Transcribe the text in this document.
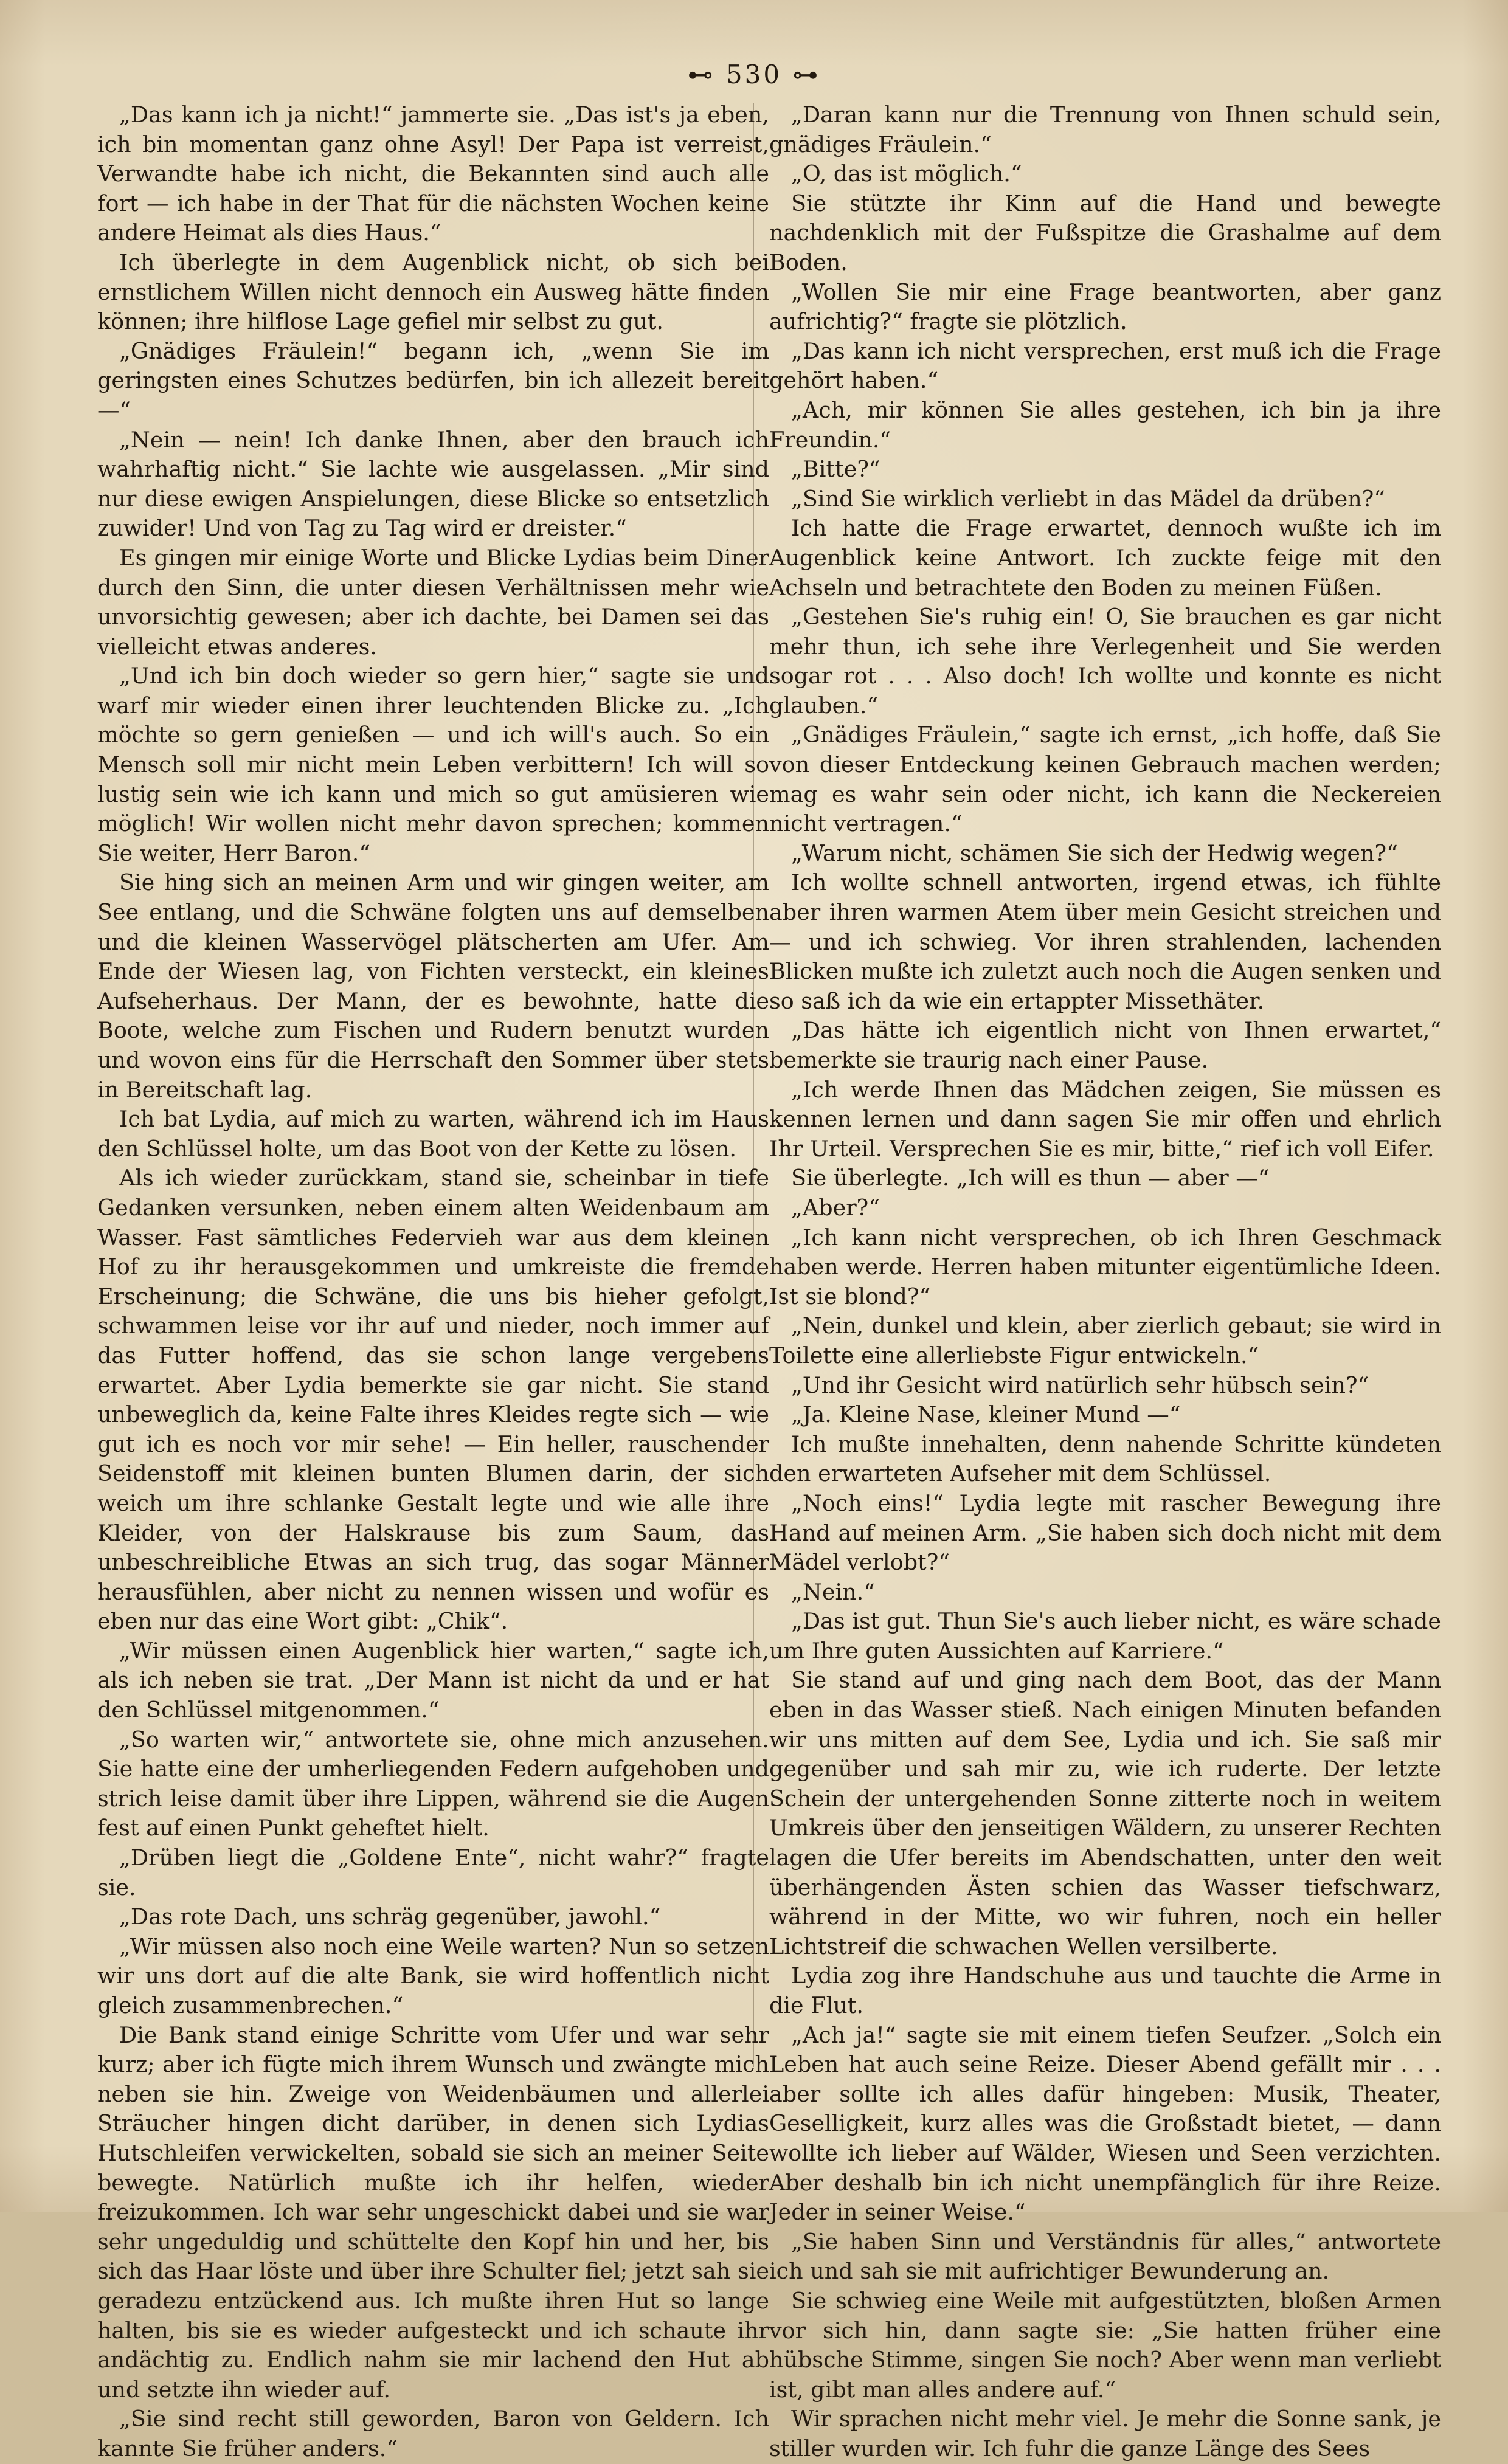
⊷ 530 ⊶

„Das kann ich ja nicht!“ jammerte sie. „Das ist's ja eben, ich bin momentan ganz ohne Asyl! Der Papa ist verreist, Verwandte habe ich nicht, die Bekannten sind auch alle fort — ich habe in der That für die nächsten Wochen keine andere Heimat als dies Haus.“

Ich überlegte in dem Augenblick nicht, ob sich bei ernstlichem Willen nicht dennoch ein Ausweg hätte finden können; ihre hilflose Lage gefiel mir selbst zu gut.

„Gnädiges Fräulein!“ begann ich, „wenn Sie im geringsten eines Schutzes bedürfen, bin ich allezeit bereit —“

„Nein — nein! Ich danke Ihnen, aber den brauch ich wahrhaftig nicht.“ Sie lachte wie ausgelassen. „Mir sind nur diese ewigen Anspielungen, diese Blicke so entsetzlich zuwider! Und von Tag zu Tag wird er dreister.“

Es gingen mir einige Worte und Blicke Lydias beim Diner durch den Sinn, die unter diesen Verhältnissen mehr wie unvorsichtig gewesen; aber ich dachte, bei Damen sei das vielleicht etwas anderes.

„Und ich bin doch wieder so gern hier,“ sagte sie und warf mir wieder einen ihrer leuchtenden Blicke zu. „Ich möchte so gern genießen — und ich will's auch. So ein Mensch soll mir nicht mein Leben verbittern! Ich will so lustig sein wie ich kann und mich so gut amüsieren wie möglich! Wir wollen nicht mehr davon sprechen; kommen Sie weiter, Herr Baron.“

Sie hing sich an meinen Arm und wir gingen weiter, am See entlang, und die Schwäne folgten uns auf demselben und die kleinen Wasservögel plätscherten am Ufer. Am Ende der Wiesen lag, von Fichten versteckt, ein kleines Aufseherhaus. Der Mann, der es bewohnte, hatte die Boote, welche zum Fischen und Rudern benutzt wurden und wovon eins für die Herrschaft den Sommer über stets in Bereitschaft lag.

Ich bat Lydia, auf mich zu warten, während ich im Haus den Schlüssel holte, um das Boot von der Kette zu lösen.

Als ich wieder zurückkam, stand sie, scheinbar in tiefe Gedanken versunken, neben einem alten Weidenbaum am Wasser. Fast sämtliches Federvieh war aus dem kleinen Hof zu ihr herausgekommen und umkreiste die fremde Erscheinung; die Schwäne, die uns bis hieher gefolgt, schwammen leise vor ihr auf und nieder, noch immer auf das Futter hoffend, das sie schon lange vergebens erwartet. Aber Lydia bemerkte sie gar nicht. Sie stand unbeweglich da, keine Falte ihres Kleides regte sich — wie gut ich es noch vor mir sehe! — Ein heller, rauschender Seidenstoff mit kleinen bunten Blumen darin, der sich weich um ihre schlanke Gestalt legte und wie alle ihre Kleider, von der Halskrause bis zum Saum, das unbeschreibliche Etwas an sich trug, das sogar Männer herausfühlen, aber nicht zu nennen wissen und wofür es eben nur das eine Wort gibt: „Chik“.

„Wir müssen einen Augenblick hier warten,“ sagte ich, als ich neben sie trat. „Der Mann ist nicht da und er hat den Schlüssel mitgenommen.“

„So warten wir,“ antwortete sie, ohne mich anzusehen. Sie hatte eine der umherliegenden Federn aufgehoben und strich leise damit über ihre Lippen, während sie die Augen fest auf einen Punkt geheftet hielt.

„Drüben liegt die „Goldene Ente“, nicht wahr?“ fragte sie.

„Das rote Dach, uns schräg gegenüber, jawohl.“

„Wir müssen also noch eine Weile warten? Nun so setzen wir uns dort auf die alte Bank, sie wird hoffentlich nicht gleich zusammenbrechen.“

Die Bank stand einige Schritte vom Ufer und war sehr kurz; aber ich fügte mich ihrem Wunsch und zwängte mich neben sie hin. Zweige von Weidenbäumen und allerlei Sträucher hingen dicht darüber, in denen sich Lydias Hutschleifen verwickelten, sobald sie sich an meiner Seite bewegte. Natürlich mußte ich ihr helfen, wieder freizukommen. Ich war sehr ungeschickt dabei und sie war sehr ungeduldig und schüttelte den Kopf hin und her, bis sich das Haar löste und über ihre Schulter fiel; jetzt sah sie geradezu entzückend aus. Ich mußte ihren Hut so lange halten, bis sie es wieder aufgesteckt und ich schaute ihr andächtig zu. Endlich nahm sie mir lachend den Hut ab und setzte ihn wieder auf.

„Sie sind recht still geworden, Baron von Geldern. Ich kannte Sie früher anders.“

„Daran kann nur die Trennung von Ihnen schuld sein, gnädiges Fräulein.“

„O, das ist möglich.“

Sie stützte ihr Kinn auf die Hand und bewegte nachdenklich mit der Fußspitze die Grashalme auf dem Boden.

„Wollen Sie mir eine Frage beantworten, aber ganz aufrichtig?“ fragte sie plötzlich.

„Das kann ich nicht versprechen, erst muß ich die Frage gehört haben.“

„Ach, mir können Sie alles gestehen, ich bin ja ihre Freundin.“

„Bitte?“

„Sind Sie wirklich verliebt in das Mädel da drüben?“

Ich hatte die Frage erwartet, dennoch wußte ich im Augenblick keine Antwort. Ich zuckte feige mit den Achseln und betrachtete den Boden zu meinen Füßen.

„Gestehen Sie's ruhig ein! O, Sie brauchen es gar nicht mehr thun, ich sehe ihre Verlegenheit und Sie werden sogar rot . . . Also doch! Ich wollte und konnte es nicht glauben.“

„Gnädiges Fräulein,“ sagte ich ernst, „ich hoffe, daß Sie von dieser Entdeckung keinen Gebrauch machen werden; mag es wahr sein oder nicht, ich kann die Neckereien nicht vertragen.“

„Warum nicht, schämen Sie sich der Hedwig wegen?“

Ich wollte schnell antworten, irgend etwas, ich fühlte aber ihren warmen Atem über mein Gesicht streichen und — und ich schwieg. Vor ihren strahlenden, lachenden Blicken mußte ich zuletzt auch noch die Augen senken und so saß ich da wie ein ertappter Missethäter.

„Das hätte ich eigentlich nicht von Ihnen erwartet,“ bemerkte sie traurig nach einer Pause.

„Ich werde Ihnen das Mädchen zeigen, Sie müssen es kennen lernen und dann sagen Sie mir offen und ehrlich Ihr Urteil. Versprechen Sie es mir, bitte,“ rief ich voll Eifer.

Sie überlegte. „Ich will es thun — aber —“

„Aber?“

„Ich kann nicht versprechen, ob ich Ihren Geschmack haben werde. Herren haben mitunter eigentümliche Ideen. Ist sie blond?“

„Nein, dunkel und klein, aber zierlich gebaut; sie wird in Toilette eine allerliebste Figur entwickeln.“

„Und ihr Gesicht wird natürlich sehr hübsch sein?“

„Ja. Kleine Nase, kleiner Mund —“

Ich mußte innehalten, denn nahende Schritte kündeten den erwarteten Aufseher mit dem Schlüssel.

„Noch eins!“ Lydia legte mit rascher Bewegung ihre Hand auf meinen Arm. „Sie haben sich doch nicht mit dem Mädel verlobt?“

„Nein.“

„Das ist gut. Thun Sie's auch lieber nicht, es wäre schade um Ihre guten Aussichten auf Karriere.“

Sie stand auf und ging nach dem Boot, das der Mann eben in das Wasser stieß. Nach einigen Minuten befanden wir uns mitten auf dem See, Lydia und ich. Sie saß mir gegenüber und sah mir zu, wie ich ruderte. Der letzte Schein der untergehenden Sonne zitterte noch in weitem Umkreis über den jenseitigen Wäldern, zu unserer Rechten lagen die Ufer bereits im Abendschatten, unter den weit überhängenden Ästen schien das Wasser tiefschwarz, während in der Mitte, wo wir fuhren, noch ein heller Lichtstreif die schwachen Wellen versilberte.

Lydia zog ihre Handschuhe aus und tauchte die Arme in die Flut.

„Ach ja!“ sagte sie mit einem tiefen Seufzer. „Solch ein Leben hat auch seine Reize. Dieser Abend gefällt mir . . . aber sollte ich alles dafür hingeben: Musik, Theater, Geselligkeit, kurz alles was die Großstadt bietet, — dann wollte ich lieber auf Wälder, Wiesen und Seen verzichten. Aber deshalb bin ich nicht unempfänglich für ihre Reize. Jeder in seiner Weise.“

„Sie haben Sinn und Verständnis für alles,“ antwortete ich und sah sie mit aufrichtiger Bewunderung an.

Sie schwieg eine Weile mit aufgestützten, bloßen Armen vor sich hin, dann sagte sie: „Sie hatten früher eine hübsche Stimme, singen Sie noch? Aber wenn man verliebt ist, gibt man alles andere auf.“

Wir sprachen nicht mehr viel. Je mehr die Sonne sank, je stiller wurden wir. Ich fuhr die ganze Länge des Sees
